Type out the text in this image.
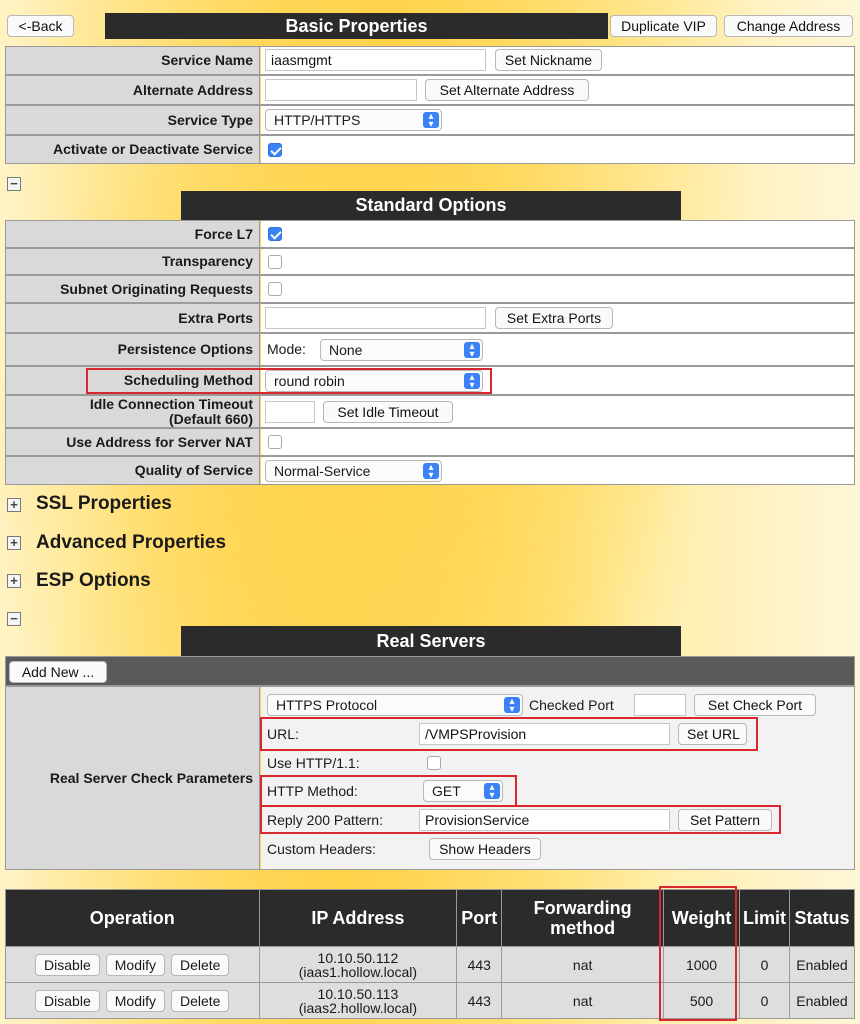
<-Back	Basic Properties	Duplicate VIP	Change Address
Service Name	iaasmgmt	Set Nickname
Alternate Address	Set Alternate Address
Service Type	HTTP/HTTPS	▴
▾
Activate or Deactivate Service
−
Standard Options
Force L7
Transparency
Subnet Originating Requests
Extra Ports	Set Extra Ports
Persistence Options	Mode:	None	▴
▾
Scheduling Method	round robin	▴
▾
Idle Connection Timeout
(Default 660)	Set Idle Timeout
Use Address for Server NAT
Quality of Service	Normal-Service	▴
▾
+ SSL Properties
+ Advanced Properties
+ ESP Options
−
Real Servers
Add New ...
Real Server Check Parameters
HTTPS Protocol	▴
▾	Checked Port	Set Check Port
URL:	/VMPSProvision	Set URL
Use HTTP/1.1:
HTTP Method:	GET	▴
▾
Reply 200 Pattern:	ProvisionService	Set Pattern
Custom Headers:	Show Headers
Operation	IP Address	Port	Forwarding
method	Weight	Limit	Status
Disable Modify Delete	10.10.50.112
(iaas1.hollow.local)	443	nat	1000	0	Enabled
Disable Modify Delete	10.10.50.113
(iaas2.hollow.local)	443	nat	500	0	Enabled
